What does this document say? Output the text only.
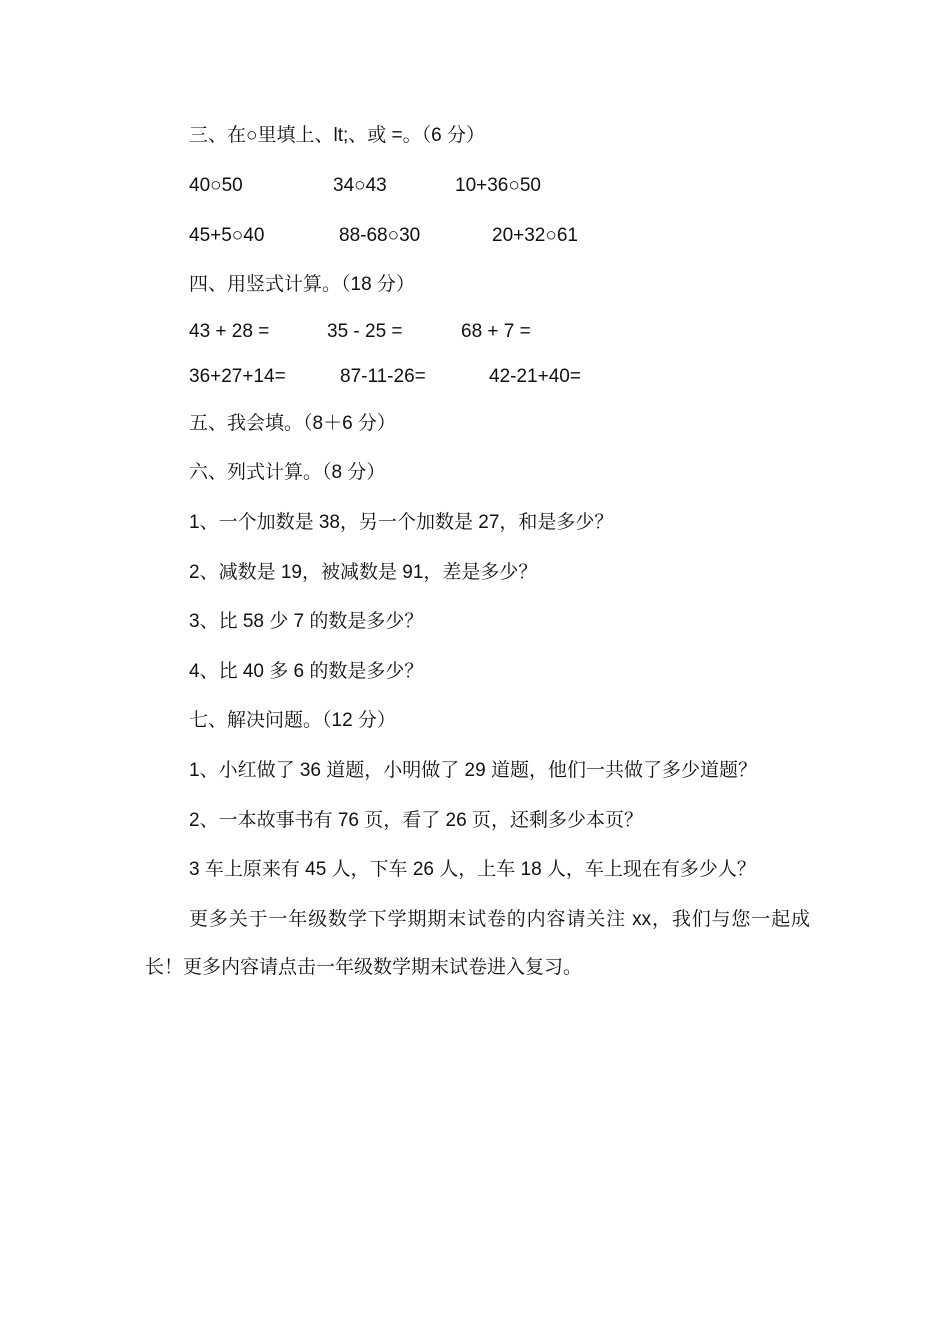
三、在○里填上、lt;、或 =。（6 分）
40○50	34○43	10+36○50
45+5○40	88-68○30	20+32○61
四、用竖式计算。（18 分）
43 + 28 =	35 - 25 =	68 + 7 =
36+27+14=	87-11-26=	42-21+40=
五、我会填。（8＋6 分）
六、列式计算。（8 分）
1、一个加数是 38，另一个加数是 27，和是多少？
2、减数是 19，被减数是 91，差是多少？
3、比 58 少 7 的数是多少？
4、比 40 多 6 的数是多少？
七、解决问题。（12 分）
1、小红做了 36 道题，小明做了 29 道题，他们一共做了多少道题？
2、一本故事书有 76 页，看了 26 页，还剩多少本页？
3 车上原来有 45 人，下车 26 人，上车 18 人，车上现在有多少人？
更多关于一年级数学下学期期末试卷的内容请关注 xx，我们与您一起成长！更多内容请点击一年级数学期末试卷进入复习。
